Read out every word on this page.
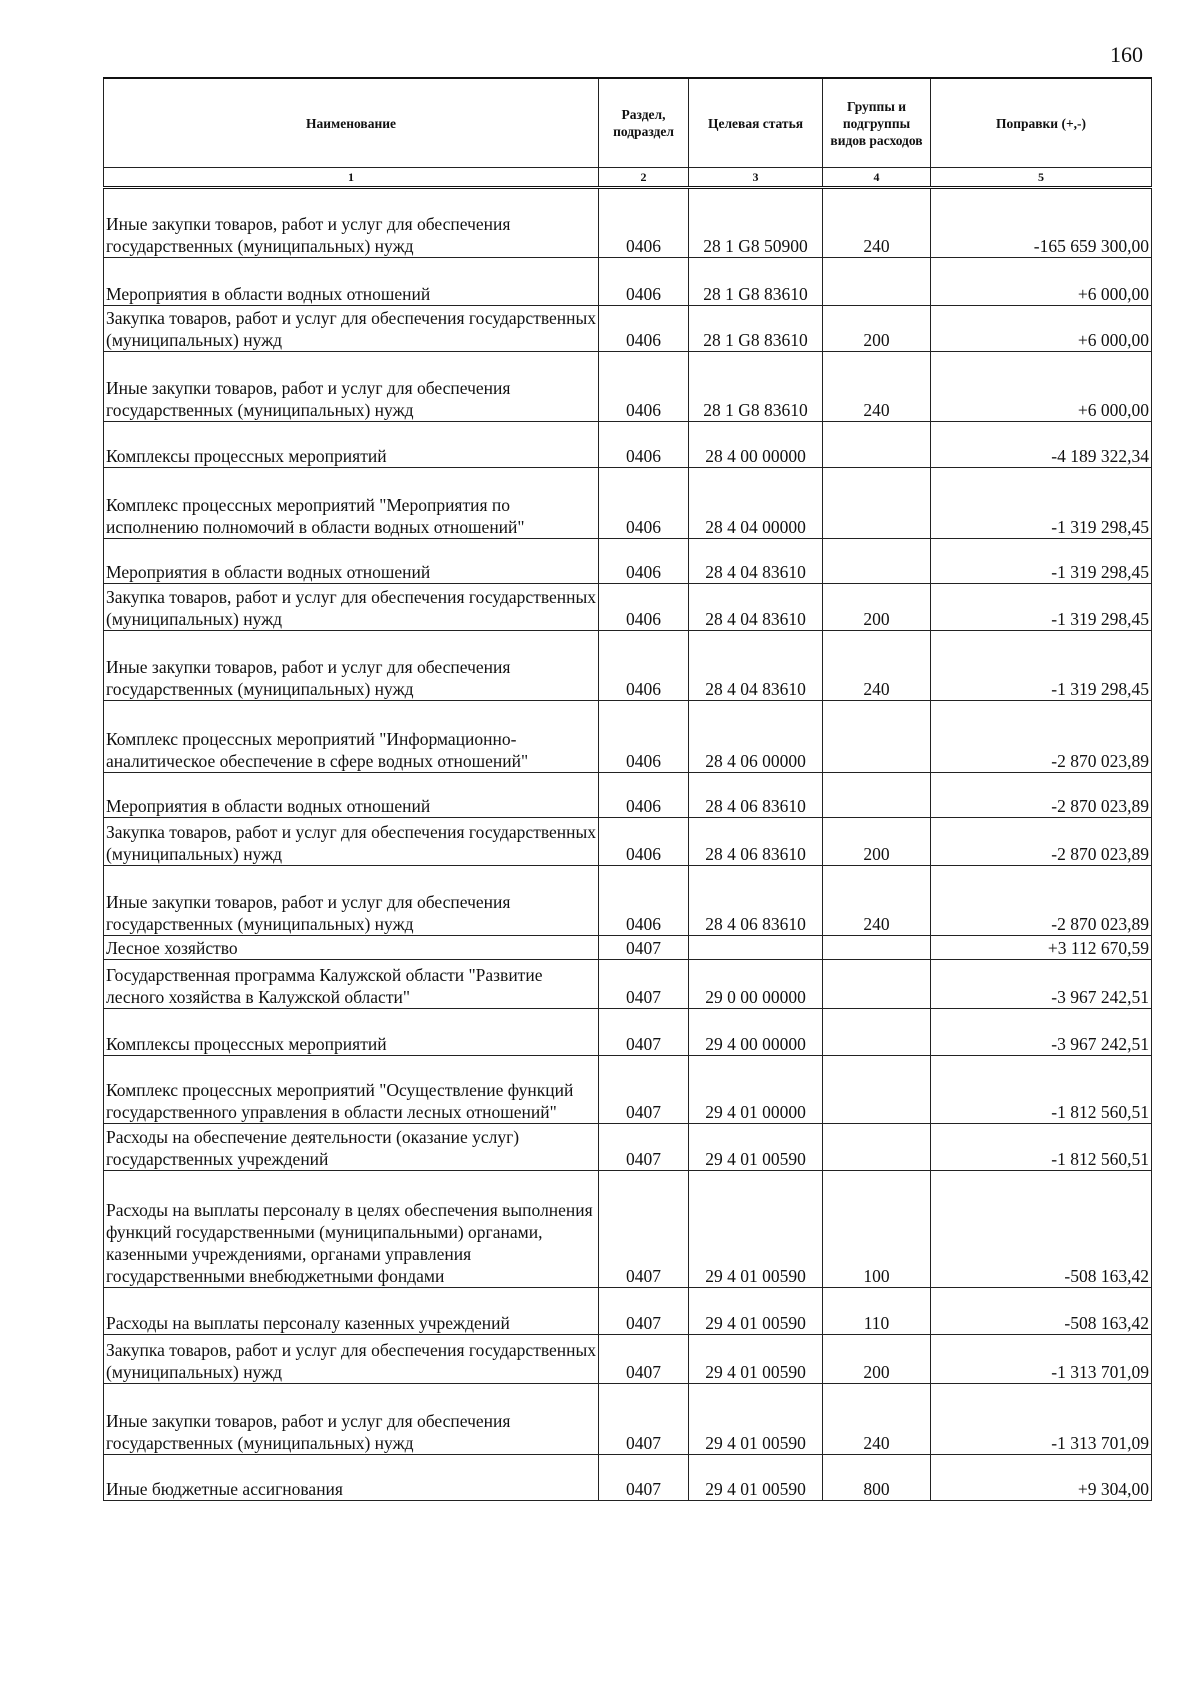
160
Наименование	Раздел, подраздел	Целевая статья	Группы и подгруппы видов расходов	Поправки (+,-)
1	2	3	4	5
Иные закупки товаров, работ и услуг для обеспечения государственных (муниципальных) нужд	0406	28 1 G8 50900	240	-165 659 300,00
Мероприятия в области водных отношений	0406	28 1 G8 83610		+6 000,00
Закупка товаров, работ и услуг для обеспечения государственных (муниципальных) нужд	0406	28 1 G8 83610	200	+6 000,00
Иные закупки товаров, работ и услуг для обеспечения государственных (муниципальных) нужд	0406	28 1 G8 83610	240	+6 000,00
Комплексы процессных мероприятий	0406	28 4 00 00000		-4 189 322,34
Комплекс процессных мероприятий "Мероприятия по исполнению полномочий в области водных отношений"	0406	28 4 04 00000		-1 319 298,45
Мероприятия в области водных отношений	0406	28 4 04 83610		-1 319 298,45
Закупка товаров, работ и услуг для обеспечения государственных (муниципальных) нужд	0406	28 4 04 83610	200	-1 319 298,45
Иные закупки товаров, работ и услуг для обеспечения государственных (муниципальных) нужд	0406	28 4 04 83610	240	-1 319 298,45
Комплекс процессных мероприятий "Информационно-аналитическое обеспечение в сфере водных отношений"	0406	28 4 06 00000		-2 870 023,89
Мероприятия в области водных отношений	0406	28 4 06 83610		-2 870 023,89
Закупка товаров, работ и услуг для обеспечения государственных (муниципальных) нужд	0406	28 4 06 83610	200	-2 870 023,89
Иные закупки товаров, работ и услуг для обеспечения государственных (муниципальных) нужд	0406	28 4 06 83610	240	-2 870 023,89
Лесное хозяйство	0407			+3 112 670,59
Государственная программа Калужской области "Развитие лесного хозяйства в Калужской области"	0407	29 0 00 00000		-3 967 242,51
Комплексы процессных мероприятий	0407	29 4 00 00000		-3 967 242,51
Комплекс процессных мероприятий "Осуществление функций государственного управления в области лесных отношений"	0407	29 4 01 00000		-1 812 560,51
Расходы на обеспечение деятельности (оказание услуг) государственных учреждений	0407	29 4 01 00590		-1 812 560,51
Расходы на выплаты персоналу в целях обеспечения выполнения функций государственными (муниципальными) органами, казенными учреждениями, органами управления государственными внебюджетными фондами	0407	29 4 01 00590	100	-508 163,42
Расходы на выплаты персоналу казенных учреждений	0407	29 4 01 00590	110	-508 163,42
Закупка товаров, работ и услуг для обеспечения государственных (муниципальных) нужд	0407	29 4 01 00590	200	-1 313 701,09
Иные закупки товаров, работ и услуг для обеспечения государственных (муниципальных) нужд	0407	29 4 01 00590	240	-1 313 701,09
Иные бюджетные ассигнования	0407	29 4 01 00590	800	+9 304,00
